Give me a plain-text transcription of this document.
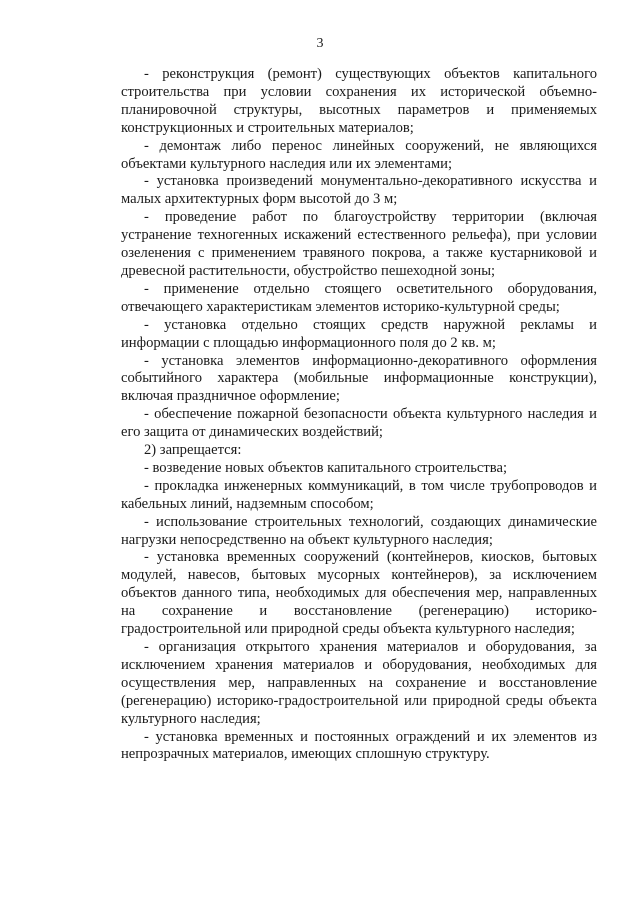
3

- реконструкция (ремонт) существующих объектов капитального строительства при условии сохранения их исторической объемно-планировочной структуры, высотных параметров и применяемых конструкционных и строительных материалов;

- демонтаж либо перенос линейных сооружений, не являющихся объектами культурного наследия или их элементами;

- установка произведений монументально-декоративного искусства и малых архитектурных форм высотой до 3 м;

- проведение работ по благоустройству территории (включая устранение техногенных искажений естественного рельефа), при условии озеленения с применением травяного покрова, а также кустарниковой и древесной растительности, обустройство пешеходной зоны;

- применение отдельно стоящего осветительного оборудования, отвечающего характеристикам элементов историко-культурной среды;

- установка отдельно стоящих средств наружной рекламы и информации с площадью информационного поля до 2 кв. м;

- установка элементов информационно-декоративного оформления событийного характера (мобильные информационные конструкции), включая праздничное оформление;

- обеспечение пожарной безопасности объекта культурного наследия и его защита от динамических воздействий;

2) запрещается:

- возведение новых объектов капитального строительства;

- прокладка инженерных коммуникаций, в том числе трубопроводов и кабельных линий, надземным способом;

- использование строительных технологий, создающих динамические нагрузки непосредственно на объект культурного наследия;

- установка временных сооружений (контейнеров, киосков, бытовых модулей, навесов, бытовых мусорных контейнеров), за исключением объектов данного типа, необходимых для обеспечения мер, направленных на сохранение и восстановление (регенерацию) историко-градостроительной или природной среды объекта культурного наследия;

- организация открытого хранения материалов и оборудования, за исключением хранения материалов и оборудования, необходимых для осуществления мер, направленных на сохранение и восстановление (регенерацию) историко-градостроительной или природной среды объекта культурного наследия;

- установка временных и постоянных ограждений и их элементов из непрозрачных материалов, имеющих сплошную структуру.
